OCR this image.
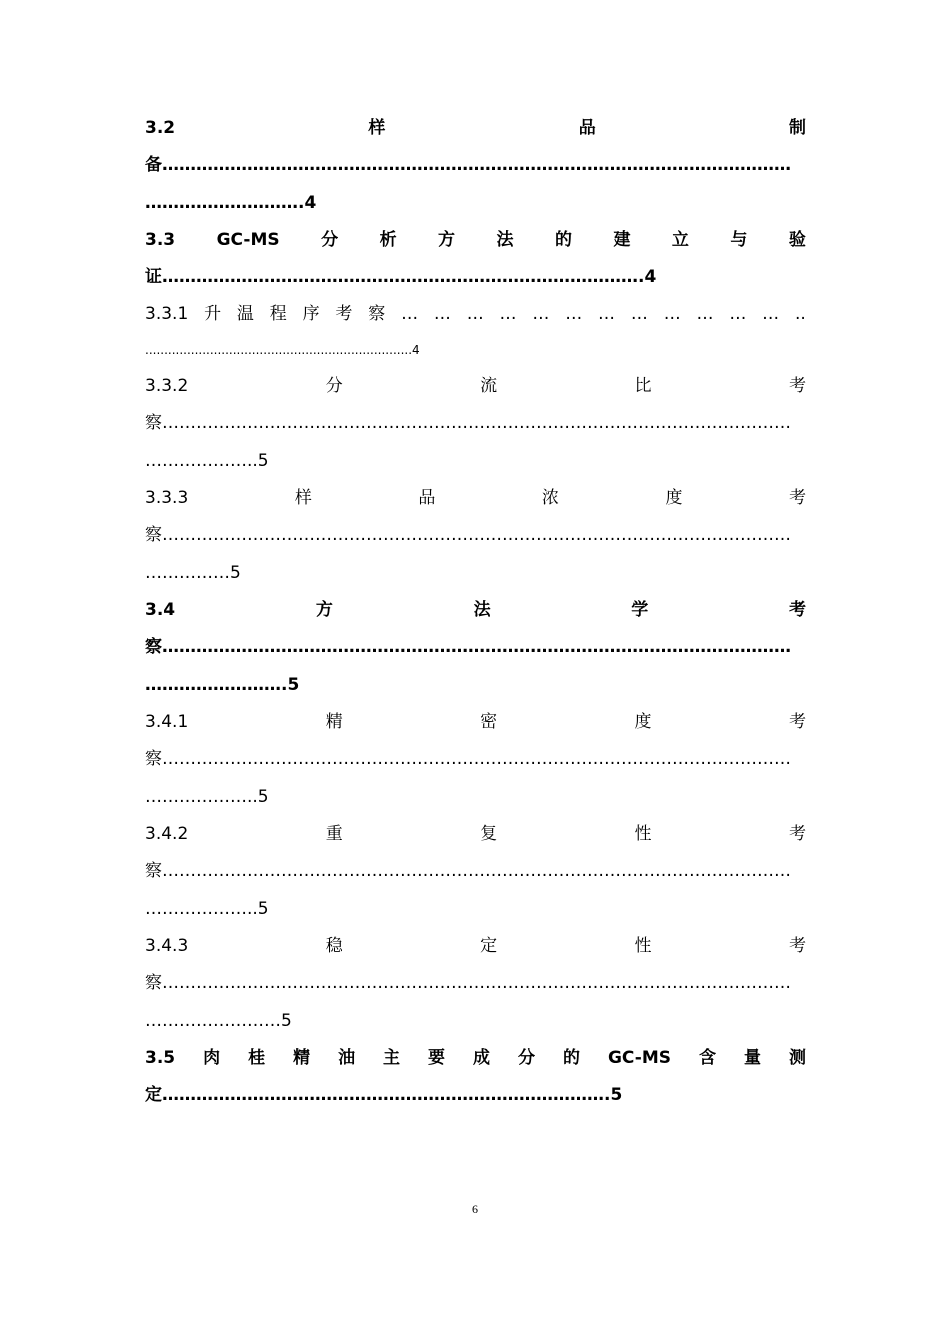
3.2	样	品	制
备…………………………………………………………………………………………………
……………………….4
3.3 GC-MS 分 析 方 法 的 建 立 与 验
证………………………………………………………………………….4
3.3.1 升 温 程 序 考 察 … … … … … … … … … … … … ..
......................................................................4
3.3.2	分	流	比	考
察…………………………………………………………………………………………………
………………..5
3.3.3	样	品	浓	度	考
察…………………………………………………………………………………………………
……………5
3.4	方	法	学	考
察…………………………………………………………………………………………………
…………………….5
3.4.1	精	密	度	考
察…………………………………………………………………………………………………
………………..5
3.4.2	重	复	性	考
察…………………………………………………………………………………………………
………………..5
3.4.3	稳	定	性	考
察…………………………………………………………………………………………………
……………………5
3.5 肉 桂 精 油 主 要 成 分 的 GC-MS 含 量 测
定…………………………………………………………………….5
6
